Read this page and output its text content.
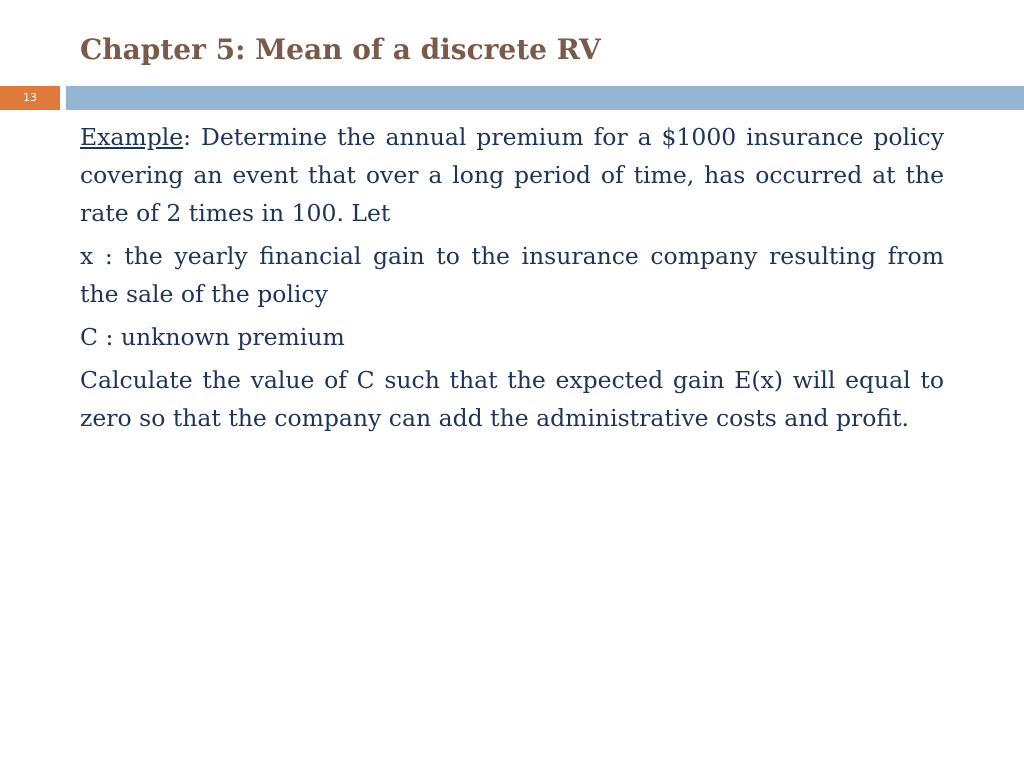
Chapter 5: Mean of a discrete RV
13

Example: Determine the annual premium for a $1000 insurance policy covering an event that over a long period of time, has occurred at the rate of 2 times in 100. Let

x : the yearly financial gain to the insurance company resulting from the sale of the policy

C : unknown premium

Calculate the value of C such that the expected gain E(x) will equal to zero so that the company can add the administrative costs and profit.
